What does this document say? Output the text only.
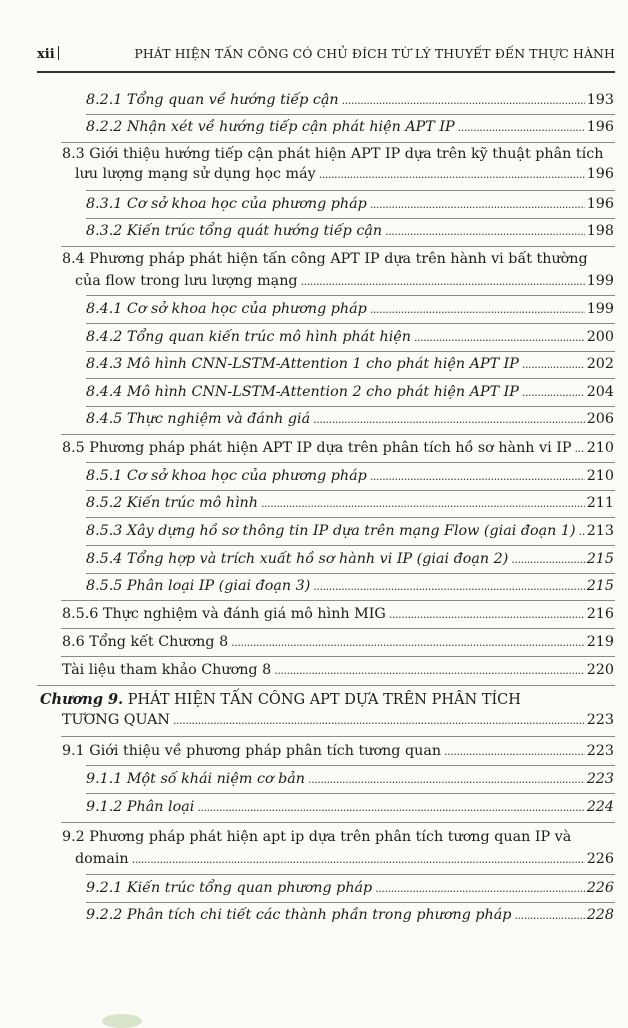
xii	PHÁT HIỆN TẤN CÔNG CÓ CHỦ ĐÍCH TỪ LÝ THUYẾT ĐẾN THỰC HÀNH
8.2.1 Tổng quan về hướng tiếp cận .....	193
8.2.2 Nhận xét về hướng tiếp cận phát hiện APT IP .....	196
8.3 Giới thiệu hướng tiếp cận phát hiện APT IP dựa trên kỹ thuật phân tích
lưu lượng mạng sử dụng học máy .....	196
8.3.1 Cơ sở khoa học của phương pháp .....	196
8.3.2 Kiến trúc tổng quát hướng tiếp cận .....	198
8.4 Phương pháp phát hiện tấn công APT IP dựa trên hành vi bất thường
của flow trong lưu lượng mạng .....	199
8.4.1 Cơ sở khoa học của phương pháp .....	199
8.4.2 Tổng quan kiến trúc mô hình phát hiện .....	200
8.4.3 Mô hình CNN-LSTM-Attention 1 cho phát hiện APT IP .....	202
8.4.4 Mô hình CNN-LSTM-Attention 2 cho phát hiện APT IP .....	204
8.4.5 Thực nghiệm và đánh giá .....	206
8.5 Phương pháp phát hiện APT IP dựa trên phân tích hồ sơ hành vi IP ..... 210
8.5.1 Cơ sở khoa học của phương pháp .....	210
8.5.2 Kiến trúc mô hình .....	211
8.5.3 Xây dựng hồ sơ thông tin IP dựa trên mạng Flow (giai đoạn 1) ..... 213
8.5.4 Tổng hợp và trích xuất hồ sơ hành vi IP (giai đoạn 2) .....	215
8.5.5 Phân loại IP (giai đoạn 3) .....	215
8.5.6 Thực nghiệm và đánh giá mô hình MIG .....	216
8.6 Tổng kết Chương 8 .....	219
Tài liệu tham khảo Chương 8 .....	220
Chương 9. PHÁT HIỆN TẤN CÔNG APT DỰA TRÊN PHÂN TÍCH
TƯƠNG QUAN .....	223
9.1 Giới thiệu về phương pháp phân tích tương quan .....	223
9.1.1 Một số khái niệm cơ bản .....	223
9.1.2 Phân loại .....	224
9.2 Phương pháp phát hiện apt ip dựa trên phân tích tương quan IP và
domain .....	226
9.2.1 Kiến trúc tổng quan phương pháp .....	226
9.2.2 Phân tích chi tiết các thành phần trong phương pháp .....	228
